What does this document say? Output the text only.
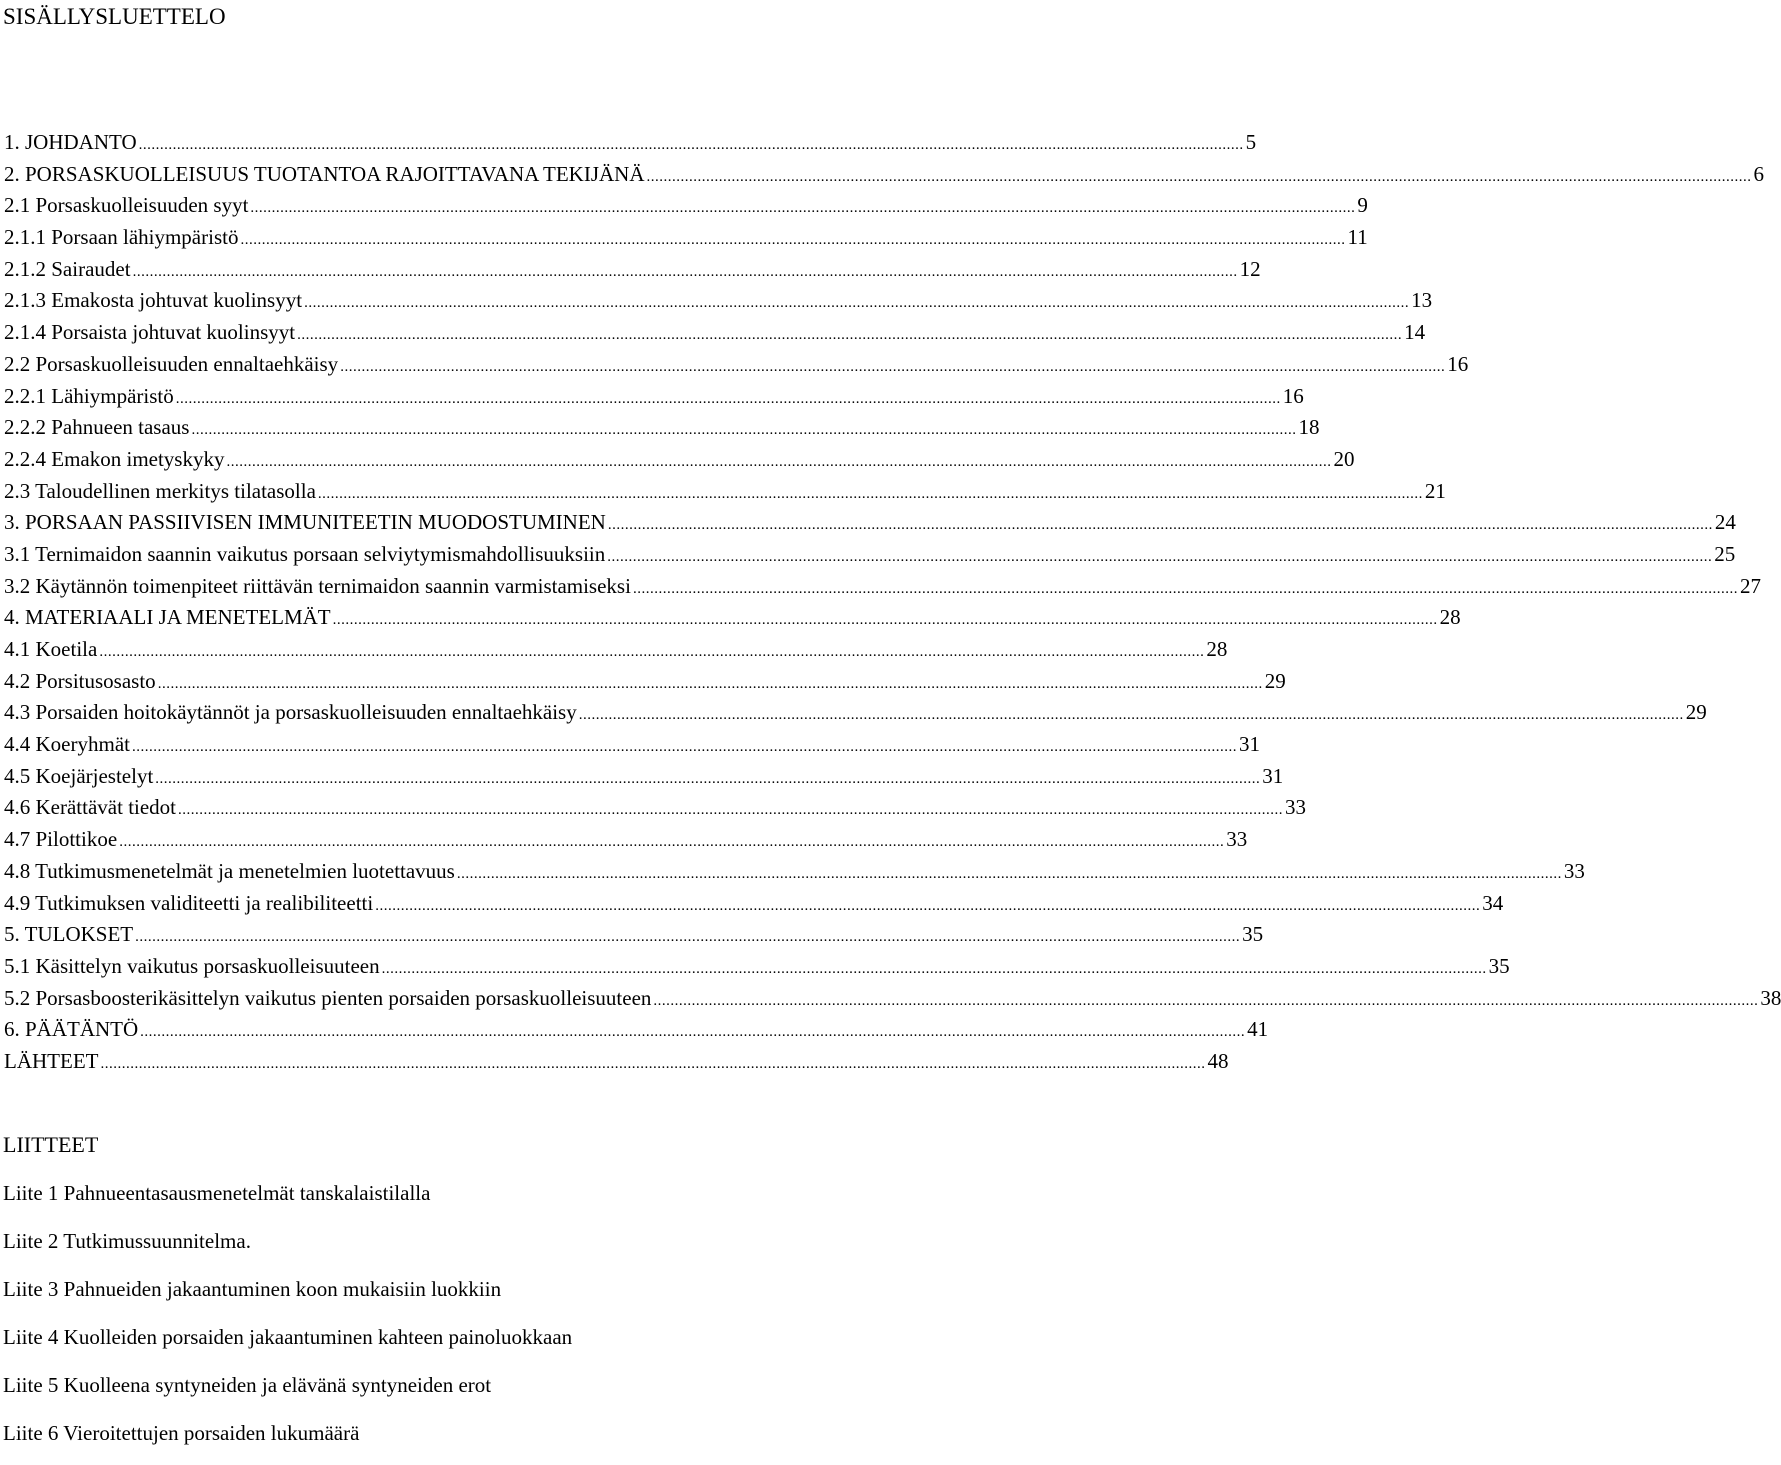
SISÄLLYSLUETTELO
1. JOHDANTO .....	5
2. PORSASKUOLLEISUUS TUOTANTOA RAJOITTAVANA TEKIJÄNÄ .....	6
2.1 Porsaskuolleisuuden syyt .....	9
2.1.1 Porsaan lähiympäristö .....	11
2.1.2 Sairaudet .....	12
2.1.3 Emakosta johtuvat kuolinsyyt .....	13
2.1.4 Porsaista johtuvat kuolinsyyt .....	14
2.2 Porsaskuolleisuuden ennaltaehkäisy .....	16
2.2.1 Lähiympäristö .....	16
2.2.2 Pahnueen tasaus .....	18
2.2.4 Emakon imetyskyky .....	20
2.3 Taloudellinen merkitys tilatasolla .....	21
3. PORSAAN PASSIIVISEN IMMUNITEETIN MUODOSTUMINEN .....	24
3.1 Ternimaidon saannin vaikutus porsaan selviytymismahdollisuuksiin .....	25
3.2 Käytännön toimenpiteet riittävän ternimaidon saannin varmistamiseksi .....	27
4. MATERIAALI JA MENETELMÄT .....	28
4.1 Koetila .....	28
4.2 Porsitusosasto .....	29
4.3 Porsaiden hoitokäytännöt ja porsaskuolleisuuden ennaltaehkäisy .....	29
4.4 Koeryhmät .....	31
4.5 Koejärjestelyt .....	31
4.6 Kerättävät tiedot .....	33
4.7 Pilottikoe .....	33
4.8 Tutkimusmenetelmät ja menetelmien luotettavuus .....	33
4.9 Tutkimuksen validiteetti ja realibiliteetti .....	34
5. TULOKSET .....	35
5.1 Käsittelyn vaikutus porsaskuolleisuuteen .....	35
5.2 Porsasboosterikäsittelyn vaikutus pienten porsaiden porsaskuolleisuuteen .....	38
6. PÄÄTÄNTÖ .....	41
LÄHTEET .....	48
LIITTEET
Liite 1 Pahnueentasausmenetelmät tanskalaistilalla
Liite 2 Tutkimussuunnitelma.
Liite 3 Pahnueiden jakaantuminen koon mukaisiin luokkiin
Liite 4 Kuolleiden porsaiden jakaantuminen kahteen painoluokkaan
Liite 5 Kuolleena syntyneiden ja elävänä syntyneiden erot
Liite 6 Vieroitettujen porsaiden lukumäärä
